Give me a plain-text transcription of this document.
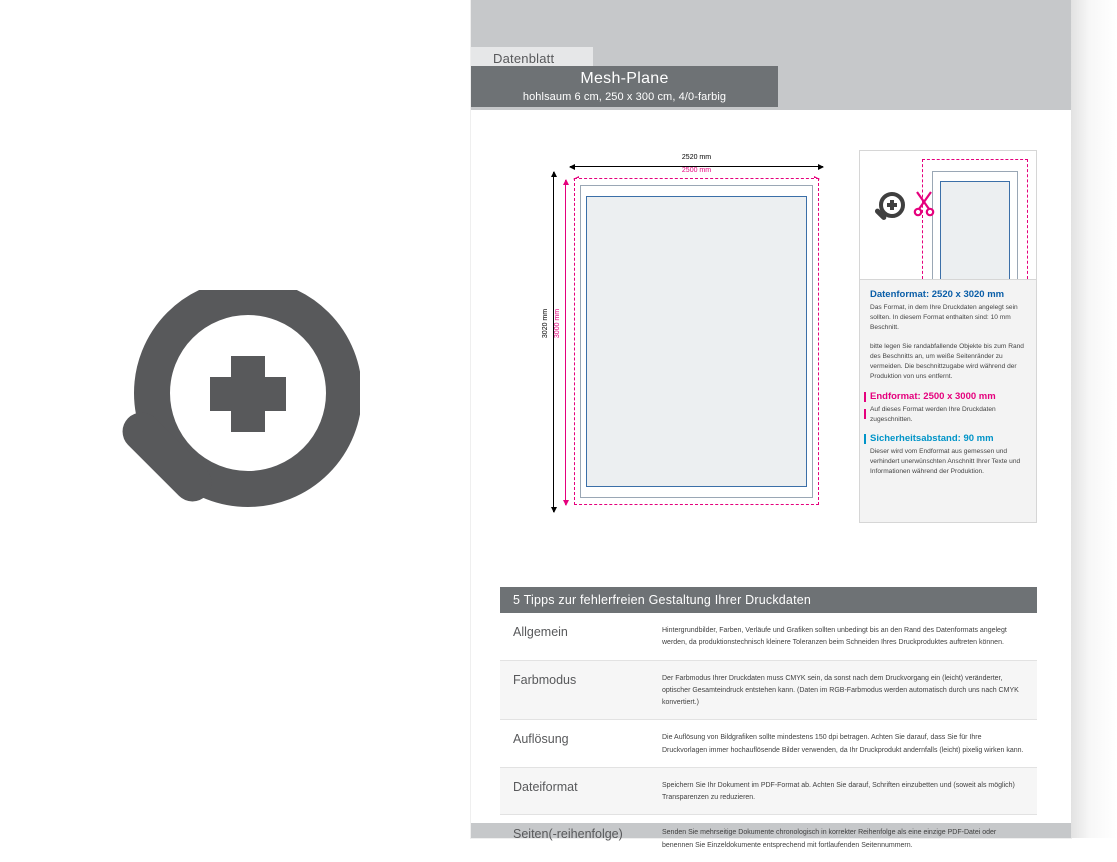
Datenblatt
Mesh-Plane
hohlsaum 6 cm, 250 x 300 cm, 4/0-farbig
2520 mm
2500 mm
3020 mm 3000 mm
Datenformat: 2520 x 3020 mm

Das Format, in dem Ihre Druckdaten angelegt sein sollten. In diesem Format enthalten sind: 10 mm Beschnitt.

bitte legen Sie randabfallende Objekte bis zum Rand des Beschnitts an, um weiße Seitenränder zu vermeiden. Die beschnittzugabe wird während der Produktion von uns entfernt.

Endformat: 2500 x 3000 mm

Auf dieses Format werden Ihre Druckdaten zugeschnitten.

Sicherheitsabstand: 90 mm

Dieser wird vom Endformat aus gemessen und verhindert unerwünschten Anschnitt Ihrer Texte und Informationen während der Produktion.

5 Tipps zur fehlerfreien Gestaltung Ihrer Druckdaten
Allgemein	Hintergrundbilder, Farben, Verläufe und Grafiken sollten unbedingt bis an den Rand des Datenformats angelegt werden, da produktionstechnisch kleinere Toleranzen beim Schneiden Ihres Druckproduktes auftreten können.
Farbmodus	Der Farbmodus Ihrer Druckdaten muss CMYK sein, da sonst nach dem Druckvorgang ein (leicht) veränderter, optischer Gesamteindruck entstehen kann. (Daten im RGB-Farbmodus werden automatisch durch uns nach CMYK konvertiert.)
Auflösung	Die Auflösung von Bildgrafiken sollte mindestens 150 dpi betragen. Achten Sie darauf, dass Sie für Ihre Druckvorlagen immer hochauflösende Bilder verwenden, da Ihr Druckprodukt andernfalls (leicht) pixelig wirken kann.
Dateiformat	Speichern Sie Ihr Dokument im PDF-Format ab. Achten Sie darauf, Schriften einzubetten und (soweit als möglich) Transparenzen zu reduzieren.
Seiten(-reihenfolge)	Senden Sie mehrseitige Dokumente chronologisch in korrekter Reihenfolge als eine einzige PDF-Datei oder benennen Sie Einzeldokumente entsprechend mit fortlaufenden Seitennummern.
